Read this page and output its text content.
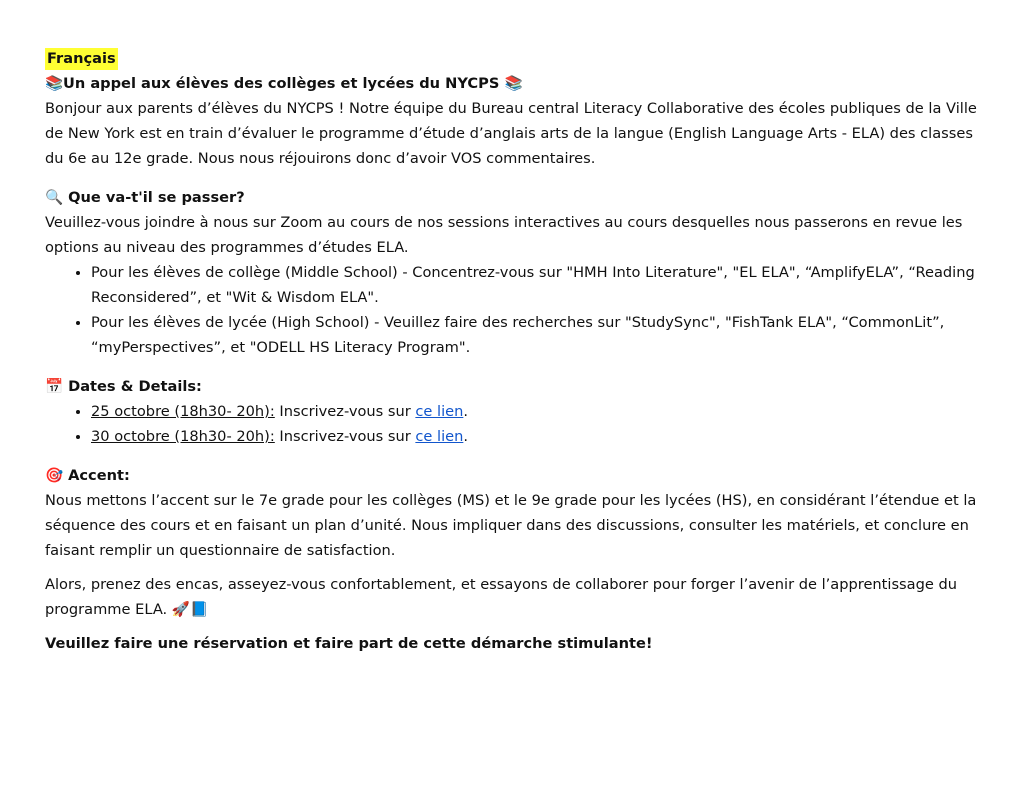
Français

📚Un appel aux élèves des collèges et lycées du NYCPS 📚

Bonjour aux parents d’élèves du NYCPS ! Notre équipe du Bureau central Literacy Collaborative des écoles publiques de la Ville de New York est en train d’évaluer le programme d’étude d’anglais arts de la langue (English Language Arts - ELA) des classes du 6e au 12e grade. Nous nous réjouirons donc d’avoir VOS commentaires.

🔍 Que va-t'il se passer?

Veuillez-vous joindre à nous sur Zoom au cours de nos sessions interactives au cours desquelles nous passerons en revue les options au niveau des programmes d’études ELA.

• Pour les élèves de collège (Middle School) - Concentrez-vous sur "HMH Into Literature", "EL ELA", “AmplifyELA”, “Reading Reconsidered”, et "Wit & Wisdom ELA".
• Pour les élèves de lycée (High School) - Veuillez faire des recherches sur "StudySync", "FishTank ELA", “CommonLit”, “myPerspectives”, et "ODELL HS Literacy Program".

📅 Dates & Details:

• 25 octobre (18h30- 20h): Inscrivez-vous sur ce lien.
• 30 octobre (18h30- 20h): Inscrivez-vous sur ce lien.

🎯 Accent:

Nous mettons l’accent sur le 7e grade pour les collèges (MS) et le 9e grade pour les lycées (HS), en considérant l’étendue et la séquence des cours et en faisant un plan d’unité. Nous impliquer dans des discussions, consulter les matériels, et conclure en faisant remplir un questionnaire de satisfaction.

Alors, prenez des encas, asseyez-vous confortablement, et essayons de collaborer pour forger l’avenir de l’apprentissage du programme ELA. 🚀📘

Veuillez faire une réservation et faire part de cette démarche stimulante!
